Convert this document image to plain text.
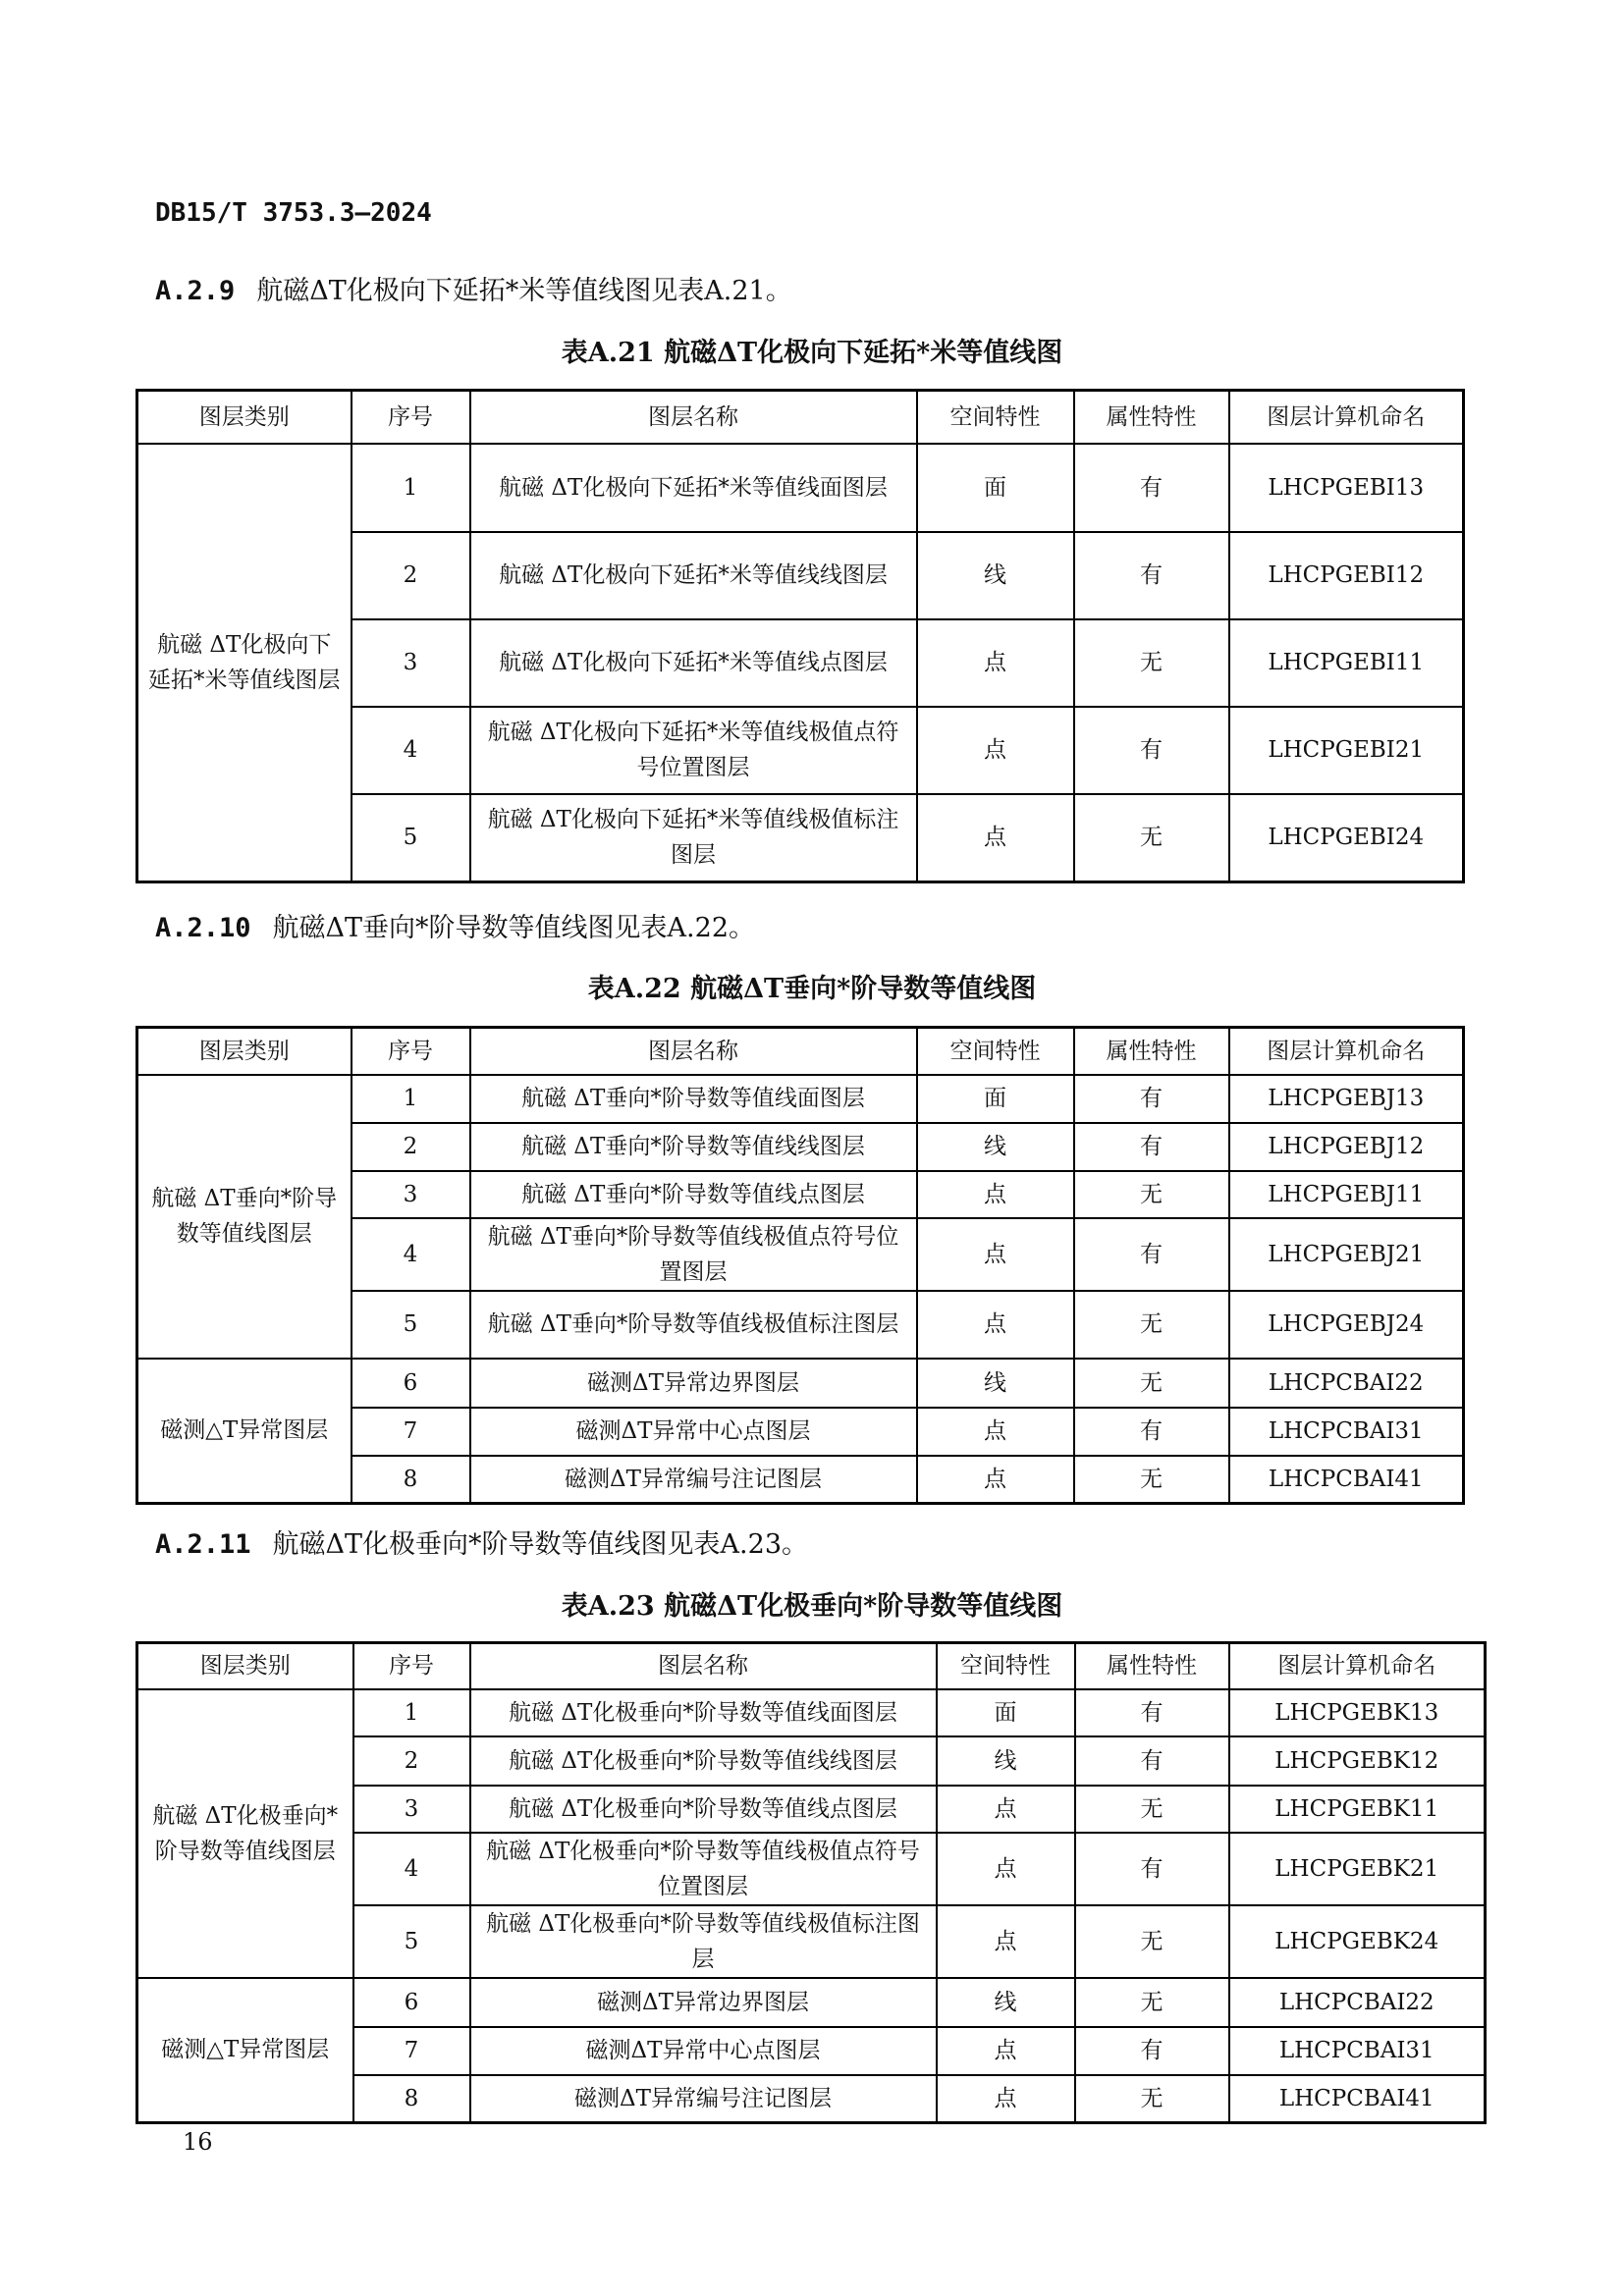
DB15/T 3753.3—2024
A.2.9 航磁ΔT化极向下延拓*米等值线图见表A.21。
表A.21 航磁ΔT化极向下延拓*米等值线图
A.2.10 航磁ΔT垂向*阶导数等值线图见表A.22。
表A.22 航磁ΔT垂向*阶导数等值线图
A.2.11 航磁ΔT化极垂向*阶导数等值线图见表A.23。
表A.23 航磁ΔT化极垂向*阶导数等值线图
图层类别	序号	图层名称	空间特性	属性特性	图层计算机命名
航磁 ΔT化极向下延拓*米等值线图层	1	航磁 ΔT化极向下延拓*米等值线面图层	面	有	LHCPGEBI13
	2	航磁 ΔT化极向下延拓*米等值线线图层	线	有	LHCPGEBI12
	3	航磁 ΔT化极向下延拓*米等值线点图层	点	无	LHCPGEBI11
	4	航磁 ΔT化极向下延拓*米等值线极值点符号位置图层	点	有	LHCPGEBI21
	5	航磁 ΔT化极向下延拓*米等值线极值标注图层	点	无	LHCPGEBI24
图层类别	序号	图层名称	空间特性	属性特性	图层计算机命名
航磁 ΔT垂向*阶导数等值线图层	1	航磁 ΔT垂向*阶导数等值线面图层	面	有	LHCPGEBJ13
	2	航磁 ΔT垂向*阶导数等值线线图层	线	有	LHCPGEBJ12
	3	航磁 ΔT垂向*阶导数等值线点图层	点	无	LHCPGEBJ11
	4	航磁 ΔT垂向*阶导数等值线极值点符号位置图层	点	有	LHCPGEBJ21
	5	航磁 ΔT垂向*阶导数等值线极值标注图层	点	无	LHCPGEBJ24
磁测△T异常图层	6	磁测ΔT异常边界图层	线	无	LHCPCBAI22
	7	磁测ΔT异常中心点图层	点	有	LHCPCBAI31
	8	磁测ΔT异常编号注记图层	点	无	LHCPCBAI41
图层类别	序号	图层名称	空间特性	属性特性	图层计算机命名
航磁 ΔT化极垂向*阶导数等值线图层	1	航磁 ΔT化极垂向*阶导数等值线面图层	面	有	LHCPGEBK13
	2	航磁 ΔT化极垂向*阶导数等值线线图层	线	有	LHCPGEBK12
	3	航磁 ΔT化极垂向*阶导数等值线点图层	点	无	LHCPGEBK11
	4	航磁 ΔT化极垂向*阶导数等值线极值点符号位置图层	点	有	LHCPGEBK21
	5	航磁 ΔT化极垂向*阶导数等值线极值标注图层	点	无	LHCPGEBK24
磁测△T异常图层	6	磁测ΔT异常边界图层	线	无	LHCPCBAI22
	7	磁测ΔT异常中心点图层	点	有	LHCPCBAI31
	8	磁测ΔT异常编号注记图层	点	无	LHCPCBAI41
16
